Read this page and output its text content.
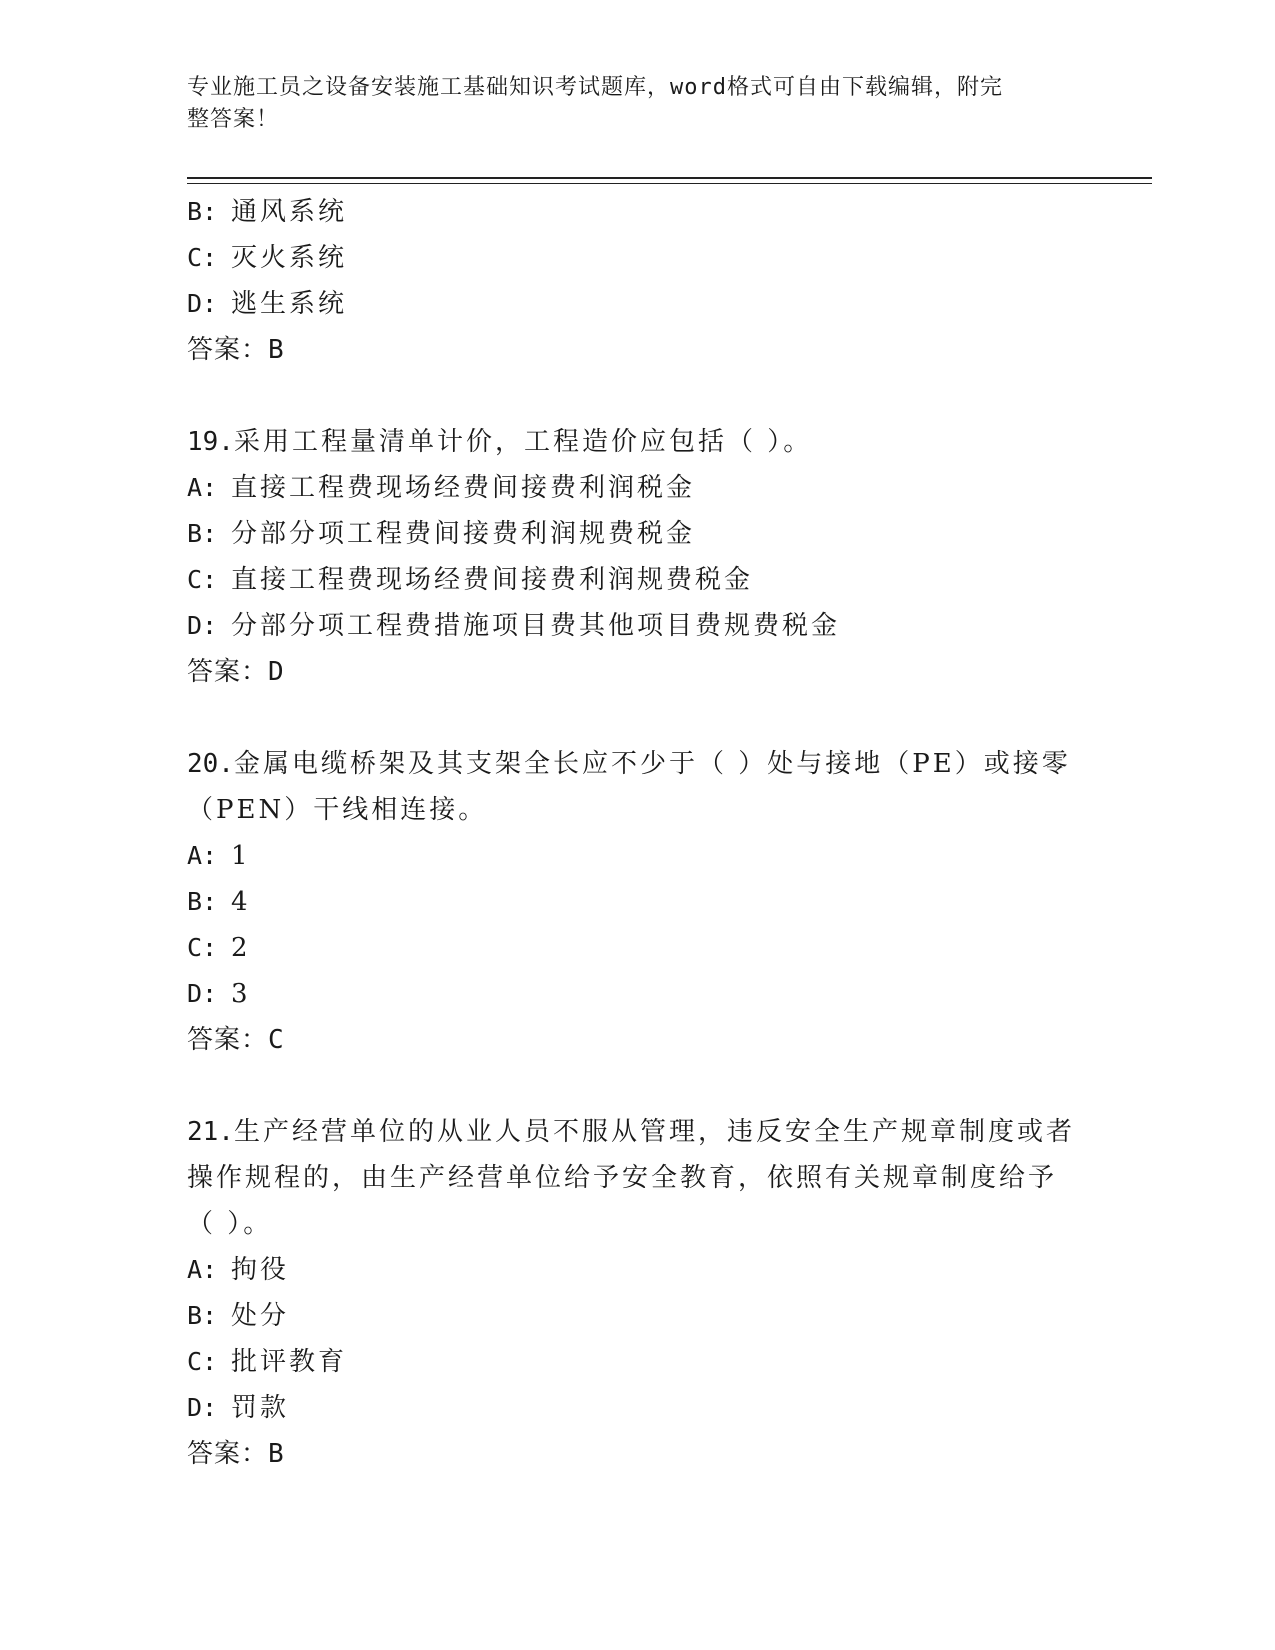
专业施工员之设备安装施工基础知识考试题库，word格式可自由下载编辑，附完
整答案！
B: 通风系统
C: 灭火系统
D: 逃生系统
答案：B
19.采用工程量清单计价，工程造价应包括（ ）。
A: 直接工程费现场经费间接费利润税金
B: 分部分项工程费间接费利润规费税金
C: 直接工程费现场经费间接费利润规费税金
D: 分部分项工程费措施项目费其他项目费规费税金
答案：D
20.金属电缆桥架及其支架全长应不少于（ ）处与接地（PE）或接零
（PEN）干线相连接。
A: 1
B: 4
C: 2
D: 3
答案：C
21.生产经营单位的从业人员不服从管理，违反安全生产规章制度或者
操作规程的，由生产经营单位给予安全教育，依照有关规章制度给予
（ ）。
A: 拘役
B: 处分
C: 批评教育
D: 罚款
答案：B
